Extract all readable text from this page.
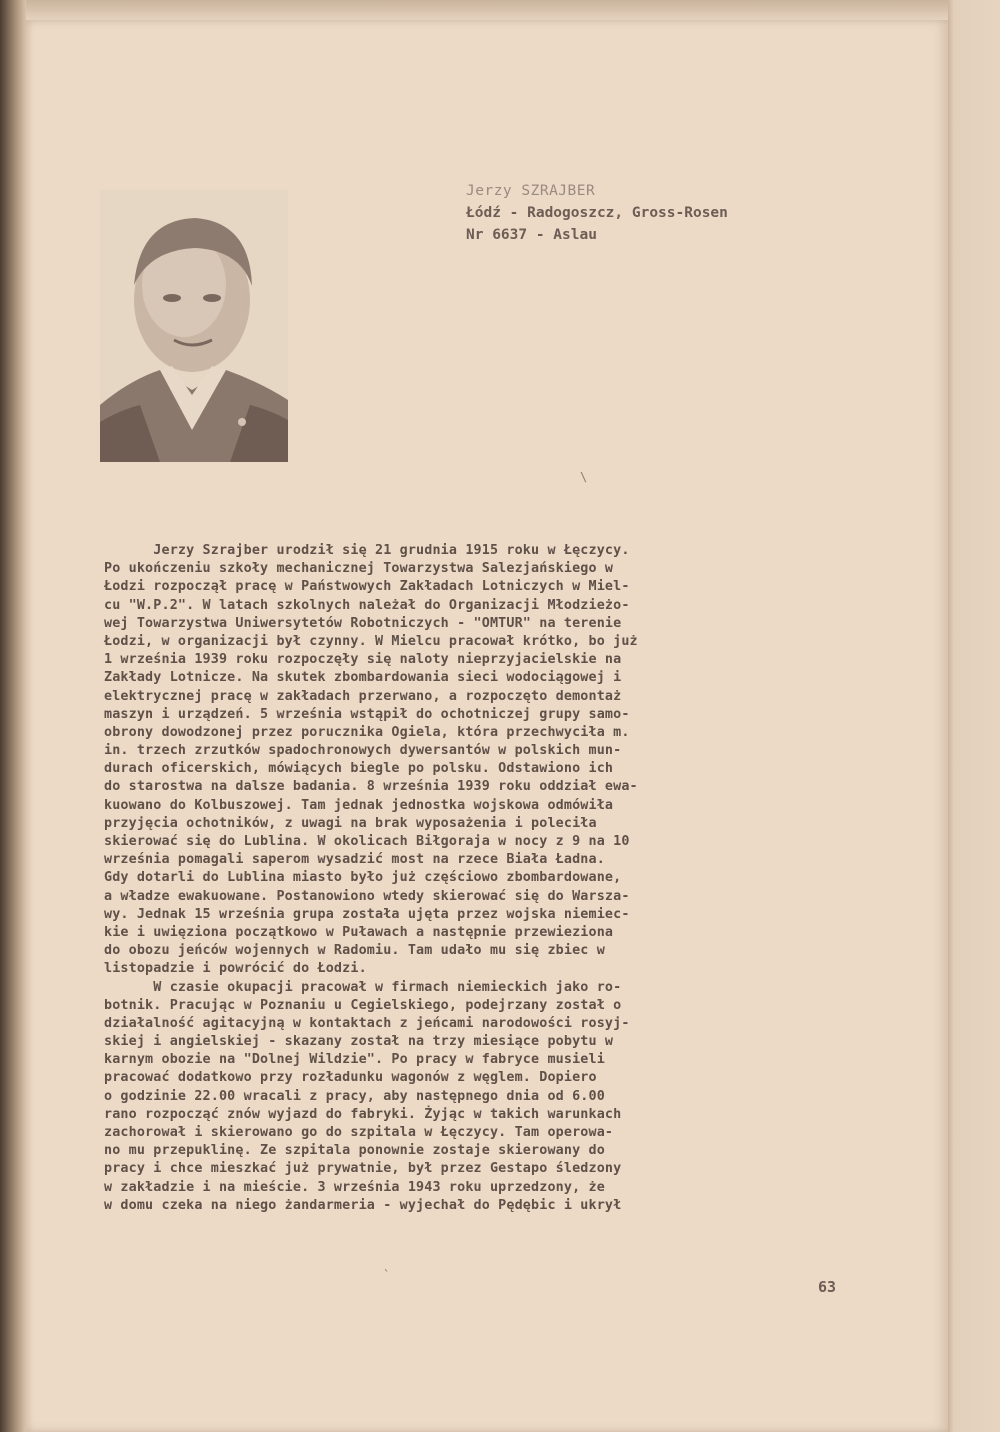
Jerzy SZRAJBER
Łódź - Radogoszcz, Gross-Rosen
Nr 6637 - Aslau

Jerzy Szrajber urodził się 21 grudnia 1915 roku w Łęczycy.
Po ukończeniu szkoły mechanicznej Towarzystwa Salezjańskiego w
Łodzi rozpoczął pracę w Państwowych Zakładach Lotniczych w Miel-
cu "W.P.2". W latach szkolnych należał do Organizacji Młodzieżo-
wej Towarzystwa Uniwersytetów Robotniczych - "OMTUR" na terenie
Łodzi, w organizacji był czynny. W Mielcu pracował krótko, bo już
1 września 1939 roku rozpoczęły się naloty nieprzyjacielskie na
Zakłady Lotnicze. Na skutek zbombardowania sieci wodociągowej i
elektrycznej pracę w zakładach przerwano, a rozpoczęto demontaż
maszyn i urządzeń. 5 września wstąpił do ochotniczej grupy samo-
obrony dowodzonej przez porucznika Ogiela, która przechwyciła m.
in. trzech zrzutków spadochronowych dywersantów w polskich mun-
durach oficerskich, mówiących biegle po polsku. Odstawiono ich
do starostwa na dalsze badania. 8 września 1939 roku oddział ewa-
kuowano do Kolbuszowej. Tam jednak jednostka wojskowa odmówiła
przyjęcia ochotników, z uwagi na brak wyposażenia i poleciła
skierować się do Lublina. W okolicach Biłgoraja w nocy z 9 na 10
września pomagali saperom wysadzić most na rzece Biała Ładna.
Gdy dotarli do Lublina miasto było już częściowo zbombardowane,
a władze ewakuowane. Postanowiono wtedy skierować się do Warsza-
wy. Jednak 15 września grupa została ujęta przez wojska niemiec-
kie i uwięziona początkowo w Puławach a następnie przewieziona
do obozu jeńców wojennych w Radomiu. Tam udało mu się zbiec w
listopadzie i powrócić do Łodzi.

W czasie okupacji pracował w firmach niemieckich jako ro-
botnik. Pracując w Poznaniu u Cegielskiego, podejrzany został o
działalność agitacyjną w kontaktach z jeńcami narodowości rosyj-
skiej i angielskiej - skazany został na trzy miesiące pobytu w
karnym obozie na "Dolnej Wildzie". Po pracy w fabryce musieli
pracować dodatkowo przy rozładunku wagonów z węglem. Dopiero
o godzinie 22.00 wracali z pracy, aby następnego dnia od 6.00
rano rozpocząć znów wyjazd do fabryki. Żyjąc w takich warunkach
zachorował i skierowano go do szpitala w Łęczycy. Tam operowa-
no mu przepuklinę. Ze szpitala ponownie zostaje skierowany do
pracy i chce mieszkać już prywatnie, był przez Gestapo śledzony
w zakładzie i na mieście. 3 września 1943 roku uprzedzony, że
w domu czeka na niego żandarmeria - wyjechał do Pędębic i ukrył

63
\
`
